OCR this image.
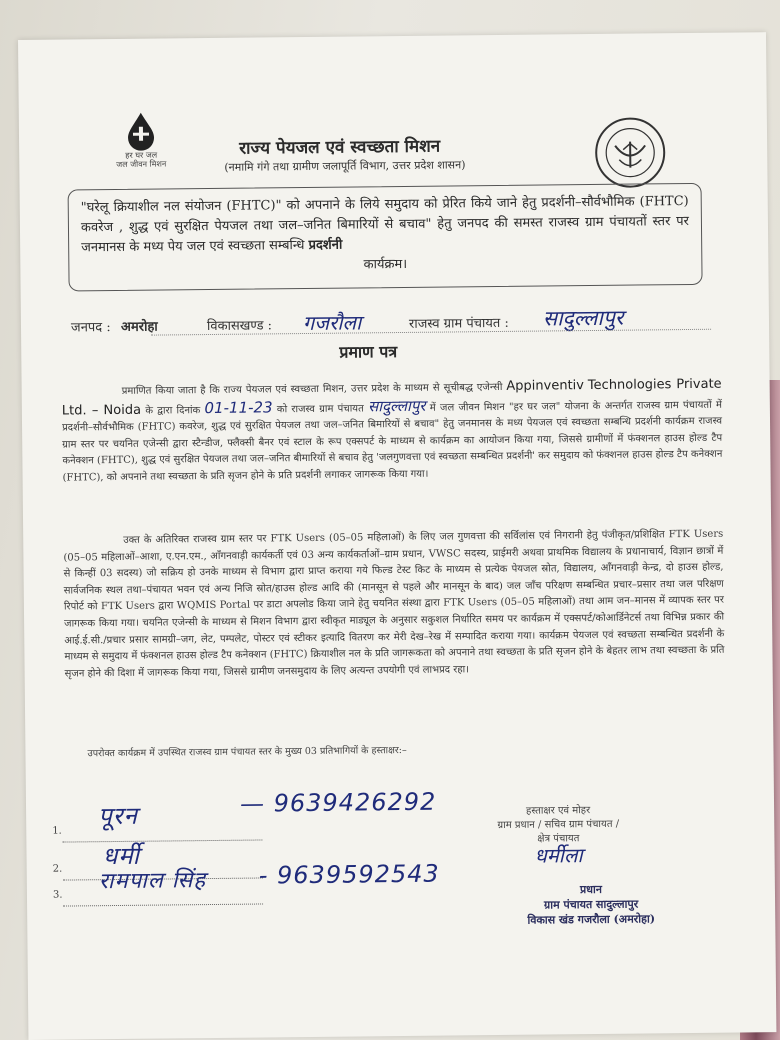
हर घर जल
जल जीवन मिशन
राज्य पेयजल एवं स्वच्छता मिशन
(नमामि गंगे तथा ग्रामीण जलापूर्ति विभाग, उत्तर प्रदेश शासन)

"घरेलू क्रियाशील नल संयोजन (FHTC)" को अपनाने के लिये समुदाय को प्रेरित किये जाने हेतु प्रदर्शनी–सौर्वभौमिक (FHTC) कवरेज , शुद्ध एवं सुरक्षित पेयजल तथा जल–जनित बिमारियों से बचाव" हेतु जनपद की समस्त राजस्व ग्राम पंचायतों स्तर पर जनमानस के मध्य पेय जल एवं स्वच्छता सम्बन्धि प्रदर्शनी
कार्यक्रम।

जनपद : अमरोहा	विकासखण्ड : गजरौला	राजस्व ग्राम पंचायत : सादुल्लापुर
प्रमाण पत्र
प्रमाणित किया जाता है कि राज्य पेयजल एवं स्वच्छता मिशन, उत्तर प्रदेश के माध्यम से सूचीबद्ध एजेन्सी Appinventiv Technologies Private Ltd. – Noida के द्वारा दिनांक 01-11-23 को राजस्व ग्राम पंचायत सादुल्लापुर में जल जीवन मिशन "हर घर जल" योजना के अन्तर्गत राजस्व ग्राम पंचायतों में प्रदर्शनी–सौर्वभौमिक (FHTC) कवरेज, शुद्ध एवं सुरक्षित पेयजल तथा जल–जनित बिमारियों से बचाव" हेतु जनमानस के मध्य पेयजल एवं स्वच्छता सम्बन्धि प्रदर्शनी कार्यक्रम राजस्व ग्राम स्तर पर चयनित एजेन्सी द्वारा स्टैन्डीज, फ्लैक्सी बैनर एवं स्टाल के रूप एक्सपर्ट के माध्यम से कार्यक्रम का आयोजन किया गया, जिससे ग्रामीणों में फंक्शनल हाउस होल्ड टैप कनेक्शन (FHTC), शुद्ध एवं सुरक्षित पेयजल तथा जल–जनित बीमारियों से बचाव हेतु 'जलगुणवत्ता एवं स्वच्छता सम्बन्धित प्रदर्शनी' कर समुदाय को फंक्शनल हाउस होल्ड टैप कनेक्शन (FHTC), को अपनाने तथा स्वच्छता के प्रति सृजन होने के प्रति प्रदर्शनी लगाकर जागरूक किया गया।
उक्त के अतिरिक्त राजस्व ग्राम स्तर पर FTK Users (05–05 महिलाओं) के लिए जल गुणवत्ता की सर्विलांस एवं निगरानी हेतु पंजीकृत/प्रशिक्षित FTK Users (05–05 महिलाओं–आशा, ए.एन.एम., आँगनवाड़ी कार्यकर्ती एवं 03 अन्य कार्यकर्ताओं–ग्राम प्रधान, VWSC सदस्य, प्राईमरी अथवा प्राथमिक विद्यालय के प्रधानाचार्य, विज्ञान छात्रों में से किन्हीं 03 सदस्य) जो सक्रिय हो उनके माध्यम से विभाग द्वारा प्राप्त कराया गये फिल्ड टेस्ट किट के माध्यम से प्रत्येक पेयजल स्रोत, विद्यालय, आँगनवाड़ी केन्द्र, दो हाउस होल्ड, सार्वजनिक स्थल तथा–पंचायत भवन एवं अन्य निजि स्रोत/हाउस होल्ड आदि की (मानसून से पहले और मानसून के बाद) जल जाँच परिक्षण सम्बन्धित प्रचार–प्रसार तथा जल परिक्षण रिपोर्ट को FTK Users द्वारा WQMIS Portal पर डाटा अपलोड किया जाने हेतु चयनित संस्था द्वारा FTK Users (05–05 महिलाओं) तथा आम जन–मानस में व्यापक स्तर पर जागरूक किया गया। चयनित एजेन्सी के माध्यम से मिशन विभाग द्वारा स्वीकृत माड्यूल के अनुसार सकुशल निर्धारित समय पर कार्यक्रम में एक्सपर्ट/कोआर्डिनेटर्स तथा विभिन्न प्रकार की आई.ई.सी./प्रचार प्रसार सामग्री–जग, लेट, पम्पलेट, पोस्टर एवं स्टीकर इत्यादि वितरण कर मेरी देख–रेख में सम्पादित कराया गया। कार्यक्रम पेयजल एवं स्वच्छता सम्बन्धित प्रदर्शनी के माध्यम से समुदाय में फंक्शनल हाउस होल्ड टैप कनेक्शन (FHTC) क्रियाशील नल के प्रति जागरूकता को अपनाने तथा स्वच्छता के प्रति सृजन होने के बेहतर लाभ तथा स्वच्छता के प्रति सृजन होने की दिशा में जागरूक किया गया, जिससे ग्रामीण जनसमुदाय के लिए अत्यन्त उपयोगी एवं लाभप्रद रहा।
उपरोक्त कार्यक्रम में उपस्थित राजस्व ग्राम पंचायत स्तर के मुख्य 03 प्रतिभागियों के हस्ताक्षर:–
1.
पूरन	— 9639426292
2. धर्मी
3.
रामपाल सिंह - 9639592543
हस्ताक्षर एवं मोहर
ग्राम प्रधान / सचिव ग्राम पंचायत /
क्षेत्र पंचायत
धर्मीला
प्रधान
ग्राम पंचायत सादुल्लापुर
विकास खंड गजरौला (अमरोहा)
